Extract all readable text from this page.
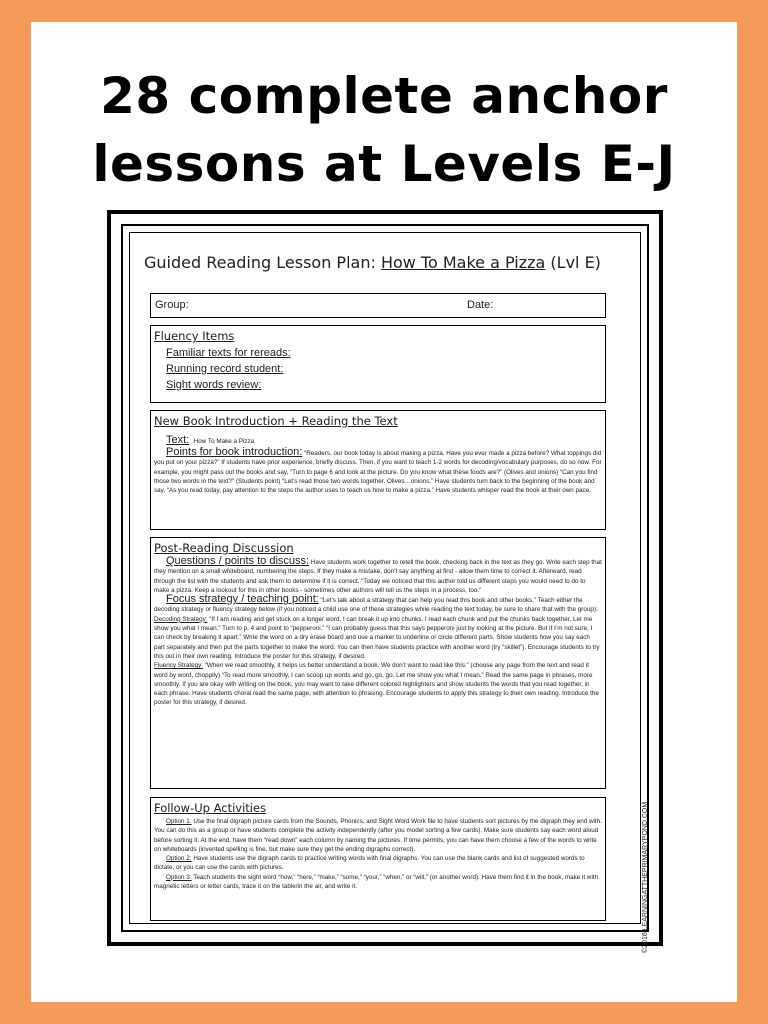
28 complete anchor
lessons at Levels E-J
Guided Reading Lesson Plan: How To Make a Pizza (Lvl E)
Group:	Date:
Fluency Items
Familiar texts for rereads:
Running record student:
Sight words review:
New Book Introduction + Reading the Text
Text: How To Make a Pizza
Points for book introduction: “Readers, our book today is about making a pizza. Have you ever made a pizza before? What toppings did you put on your pizza?” If students have prior experience, briefly discuss. Then, if you want to teach 1-2 words for decoding/vocabulary purposes, do so now. For example, you might pass out the books and say, “Turn to page 6 and look at the picture. Do you know what these foods are?” (Olives and onions) “Can you find those two words in the text?” (Students point) “Let’s read those two words together. Olives…onions.” Have students turn back to the beginning of the book and say, “As you read today, pay attention to the steps the author uses to teach us how to make a pizza.” Have students whisper read the book at their own pace.
Post-Reading Discussion
Questions / points to discuss: Have students work together to retell the book, checking back in the text as they go. Write each step that they mention on a small whiteboard, numbering the steps. If they make a mistake, don’t say anything at first - allow them time to correct it. Afterward, read through the list with the students and ask them to determine if it is correct. “Today we noticed that this author told us different steps you would need to do to make a pizza. Keep a lookout for this in other books - sometimes other authors will tell us the steps in a process, too.”
Focus strategy / teaching point: “Let’s talk about a strategy that can help you read this book and other books.” Teach either the decoding strategy or fluency strategy below (if you noticed a child use one of these strategies while reading the text today, be sure to share that with the group):
Decoding Strategy: “If I am reading and get stuck on a longer word, I can break it up into chunks. I read each chunk and put the chunks back together. Let me show you what I mean.” Turn to p. 4 and point to “pepperoni.” “I can probably guess that this says pepperoni just by looking at the picture. But if I’m not sure, I can check by breaking it apart.” Write the word on a dry erase board and use a marker to underline or circle different parts. Show students how you say each part separately and then put the parts together to make the word. You can then have students practice with another word (try “skillet”). Encourage students to try this out in their own reading. Introduce the poster for this strategy, if desired.
Fluency Strategy: “When we read smoothly, it helps us better understand a book. We don’t want to read like this:” (choose any page from the text and read it word by word, choppily) “To read more smoothly, I can scoop up words and go, go, go. Let me show you what I mean.” Read the same page in phrases, more smoothly. If you are okay with writing on the book, you may want to take different colored highlighters and show students the words that you read together, in each phrase. Have students choral read the same page, with attention to phrasing. Encourage students to apply this strategy to their own reading. Introduce the poster for this strategy, if desired.
Follow-Up Activities
Option 1: Use the final digraph picture cards from the Sounds, Phonics, and Sight Word Work file to have students sort pictures by the digraph they end with. You can do this as a group or have students complete the activity independently (after you model sorting a few cards). Make sure students say each word aloud before sorting it. At the end, have them “read down” each column by naming the pictures. If time permits, you can have them choose a few of the words to write on whiteboards (invented spelling is fine, but make sure they get the ending digraphs correct).
Option 2: Have students use the digraph cards to practice writing words with final digraphs. You can use the blank cards and list of suggested words to dictate, or you can use the cards with pictures.
Option 3: Teach students the sight word “how,” “here,” “make,” “some,” “your,” “when,” or “will,” (or another word). Have them find it in the book, make it with magnetic letters or letter cards, trace it on the table/in the air, and write it.	©2016 LEARNINGATTHEPRIMARYPOND.COM
